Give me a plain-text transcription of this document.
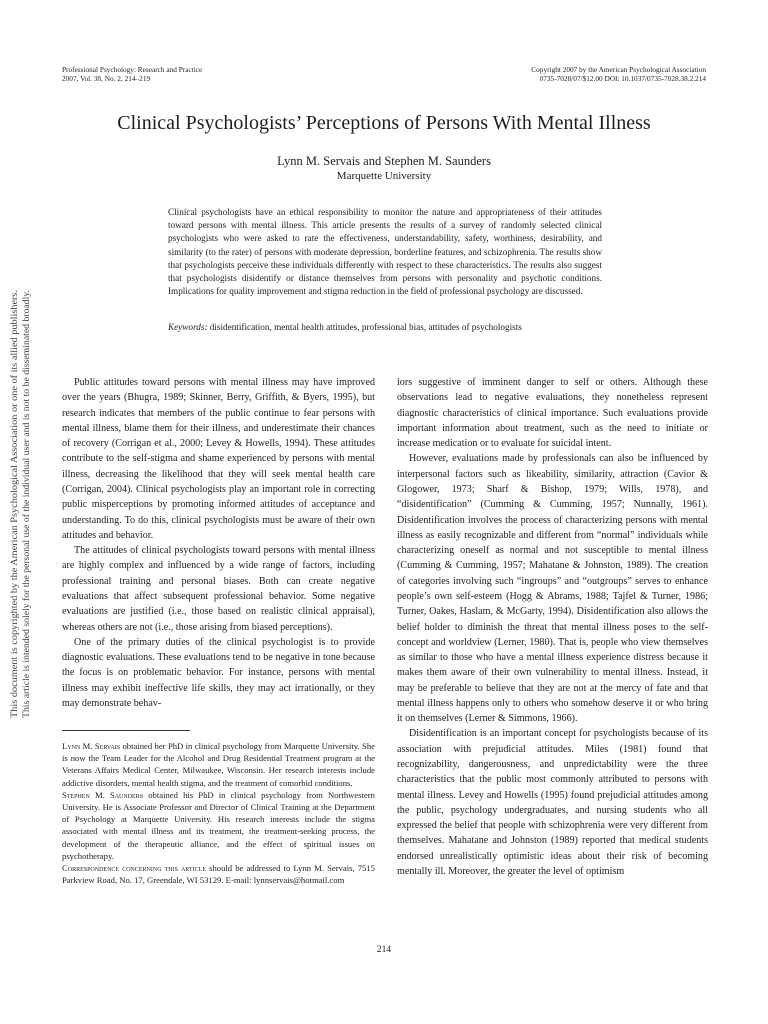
Professional Psychology: Research and Practice
2007, Vol. 38, No. 2, 214–219
Copyright 2007 by the American Psychological Association
0735-7028/07/$12.00 DOI: 10.1037/0735-7028.38.2.214
This document is copyrighted by the American Psychological Association or one of its allied publishers. This article is intended solely for the personal use of the individual user and is not to be disseminated broadly.
Clinical Psychologists’ Perceptions of Persons With Mental Illness
Lynn M. Servais and Stephen M. Saunders
Marquette University
Clinical psychologists have an ethical responsibility to monitor the nature and appropriateness of their attitudes toward persons with mental illness. This article presents the results of a survey of randomly selected clinical psychologists who were asked to rate the effectiveness, understandability, safety, worthiness, desirability, and similarity (to the rater) of persons with moderate depression, borderline features, and schizophrenia. The results show that psychologists perceive these individuals differently with respect to these characteristics. The results also suggest that psychologists disidentify or distance themselves from persons with personality and psychotic conditions. Implications for quality improvement and stigma reduction in the field of professional psychology are discussed.
Keywords: disidentification, mental health attitudes, professional bias, attitudes of psychologists

Public attitudes toward persons with mental illness may have improved over the years (Bhugra, 1989; Skinner, Berry, Griffith, & Byers, 1995), but research indicates that members of the public continue to fear persons with mental illness, blame them for their illness, and underestimate their chances of recovery (Corrigan et al., 2000; Levey & Howells, 1994). These attitudes contribute to the self-stigma and shame experienced by persons with mental illness, decreasing the likelihood that they will seek mental health care (Corrigan, 2004). Clinical psychologists play an important role in correcting public misperceptions by promoting informed attitudes of acceptance and understanding. To do this, clinical psychologists must be aware of their own attitudes and behavior.

The attitudes of clinical psychologists toward persons with mental illness are highly complex and influenced by a wide range of factors, including professional training and personal biases. Both can create negative evaluations that affect subsequent professional behavior. Some negative evaluations are justified (i.e., those based on realistic clinical appraisal), whereas others are not (i.e., those arising from biased perceptions).

One of the primary duties of the clinical psychologist is to provide diagnostic evaluations. These evaluations tend to be negative in tone because the focus is on problematic behavior. For instance, persons with mental illness may exhibit ineffective life skills, they may act irrationally, or they may demonstrate behav-

iors suggestive of imminent danger to self or others. Although these observations lead to negative evaluations, they nonetheless represent diagnostic characteristics of clinical importance. Such evaluations provide important information about treatment, such as the need to initiate or increase medication or to evaluate for suicidal intent.

However, evaluations made by professionals can also be influenced by interpersonal factors such as likeability, similarity, attraction (Cavior & Glogower, 1973; Sharf & Bishop, 1979; Wills, 1978), and “disidentification” (Cumming & Cumming, 1957; Nunnally, 1961). Disidentification involves the process of characterizing persons with mental illness as easily recognizable and different from “normal” individuals while characterizing oneself as normal and not susceptible to mental illness (Cumming & Cumming, 1957; Mahatane & Johnston, 1989). The creation of categories involving such “ingroups” and “outgroups” serves to enhance people’s own self-esteem (Hogg & Abrams, 1988; Tajfel & Turner, 1986; Turner, Oakes, Haslam, & McGarty, 1994). Disidentification also allows the belief holder to diminish the threat that mental illness poses to the self-concept and worldview (Lerner, 1980). That is, people who view themselves as similar to those who have a mental illness experience distress because it makes them aware of their own vulnerability to mental illness. Instead, it may be preferable to believe that they are not at the mercy of fate and that mental illness happens only to others who somehow deserve it or who bring it on themselves (Lerner & Simmons, 1966).

Disidentification is an important concept for psychologists because of its association with prejudicial attitudes. Miles (1981) found that recognizability, dangerousness, and unpredictability were the three characteristics that the public most commonly attributed to persons with mental illness. Levey and Howells (1995) found prejudicial attitudes among the public, psychology undergraduates, and nursing students who all expressed the belief that people with schizophrenia were very different from themselves. Mahatane and Johnston (1989) reported that medical students endorsed unrealistically optimistic ideas about their risk of becoming mentally ill. Moreover, the greater the level of optimism

Lynn M. Servais obtained her PhD in clinical psychology from Marquette University. She is now the Team Leader for the Alcohol and Drug Residential Treatment program at the Veterans Affairs Medical Center, Milwaukee, Wisconsin. Her research interests include addictive disorders, mental health stigma, and the treatment of comorbid conditions.

Stephen M. Saunders obtained his PhD in clinical psychology from Northwestern University. He is Associate Professor and Director of Clinical Training at the Department of Psychology at Marquette University. His research interests include the stigma associated with mental illness and its treatment, the treatment-seeking process, the development of the therapeutic alliance, and the effect of spiritual issues on psychotherapy.

Correspondence concerning this article should be addressed to Lynn M. Servais, 7515 Parkview Road, No. 17, Greendale, WI 53129. E-mail: lynnservais@hotmail.com

214
